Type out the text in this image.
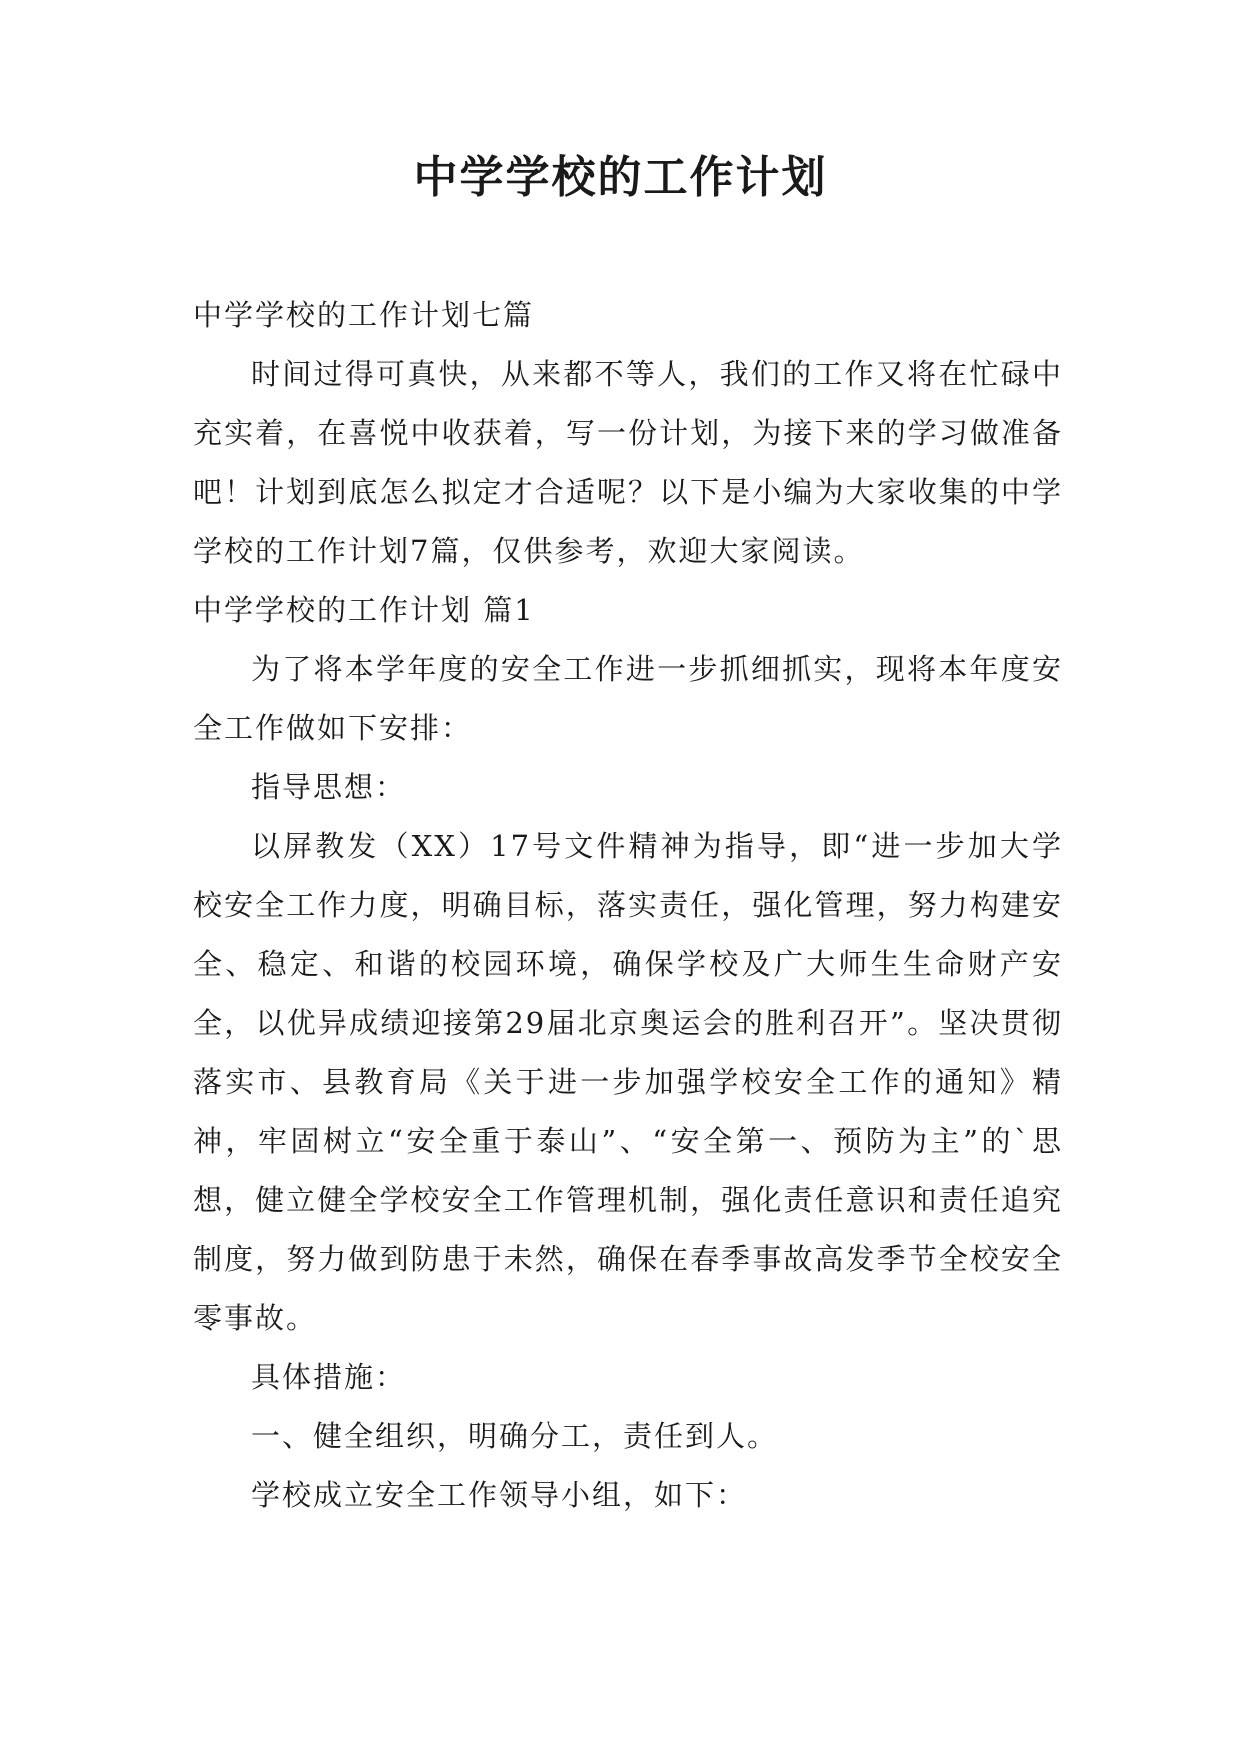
中学学校的工作计划

中学学校的工作计划七篇

时间过得可真快，从来都不等人，我们的工作又将在忙碌中充实着，在喜悦中收获着，写一份计划，为接下来的学习做准备吧！计划到底怎么拟定才合适呢？以下是小编为大家收集的中学学校的工作计划7篇，仅供参考，欢迎大家阅读。

中学学校的工作计划 篇1

为了将本学年度的安全工作进一步抓细抓实，现将本年度安全工作做如下安排：

指导思想：

以屏教发（XX）17号文件精神为指导，即“进一步加大学校安全工作力度，明确目标，落实责任，强化管理，努力构建安全、稳定、和谐的校园环境，确保学校及广大师生生命财产安全，以优异成绩迎接第29届北京奥运会的胜利召开”。坚决贯彻落实市、县教育局《关于进一步加强学校安全工作的通知》精神，牢固树立“安全重于泰山”、“安全第一、预防为主”的`思想，健立健全学校安全工作管理机制，强化责任意识和责任追究制度，努力做到防患于未然，确保在春季事故高发季节全校安全零事故。

具体措施：

一、健全组织，明确分工，责任到人。

学校成立安全工作领导小组，如下：
